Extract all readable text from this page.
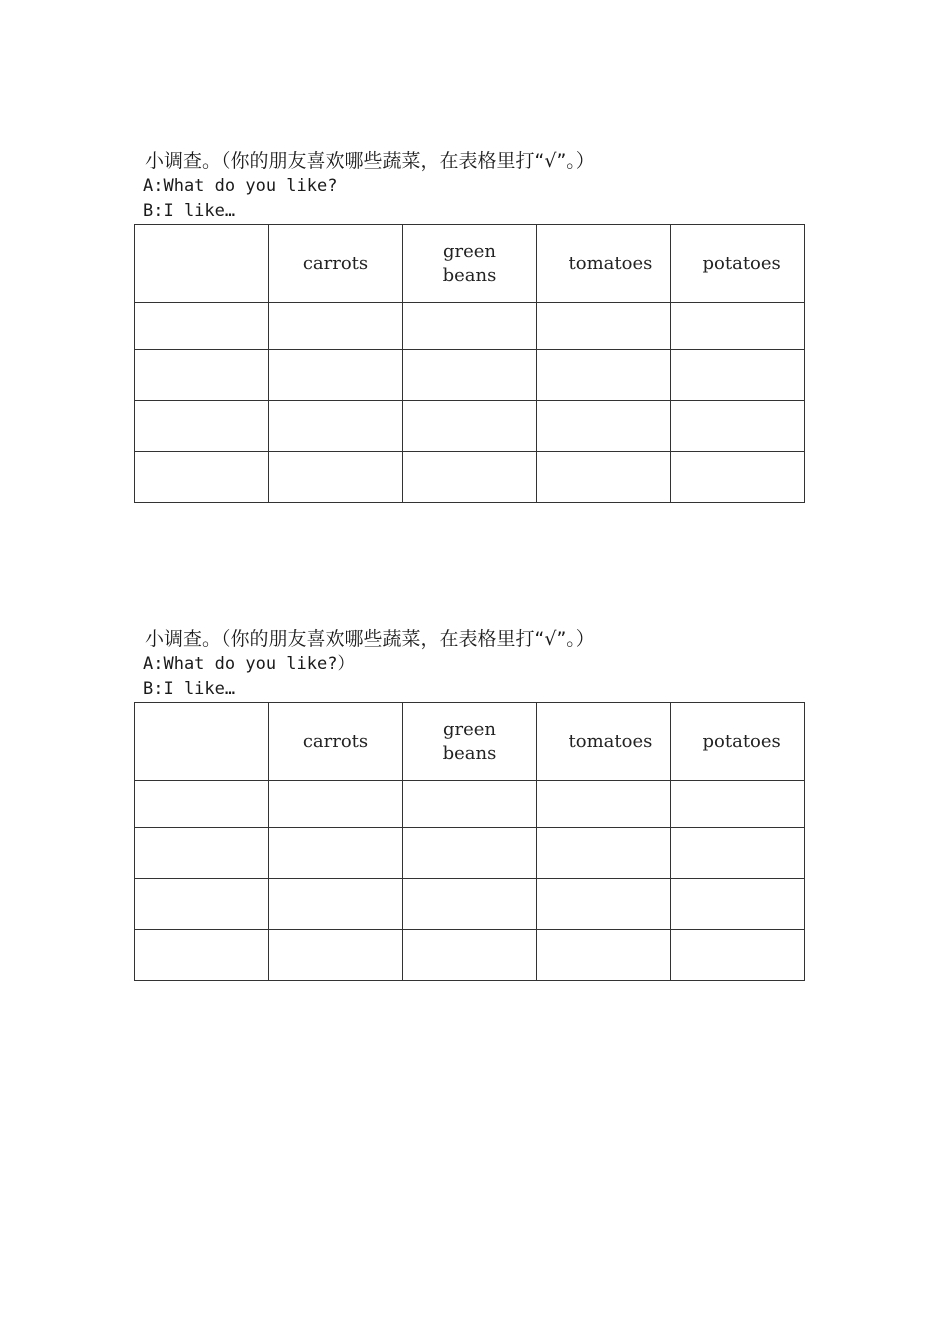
小调查。（你的朋友喜欢哪些蔬菜，在表格里打“√”。）

A:What do you like?

B:I like…

	carrots	green beans	tomatoes	potatoes

小调查。（你的朋友喜欢哪些蔬菜，在表格里打“√”。）

A:What do you like?）

B:I like…

	carrots	green beans	tomatoes	potatoes
